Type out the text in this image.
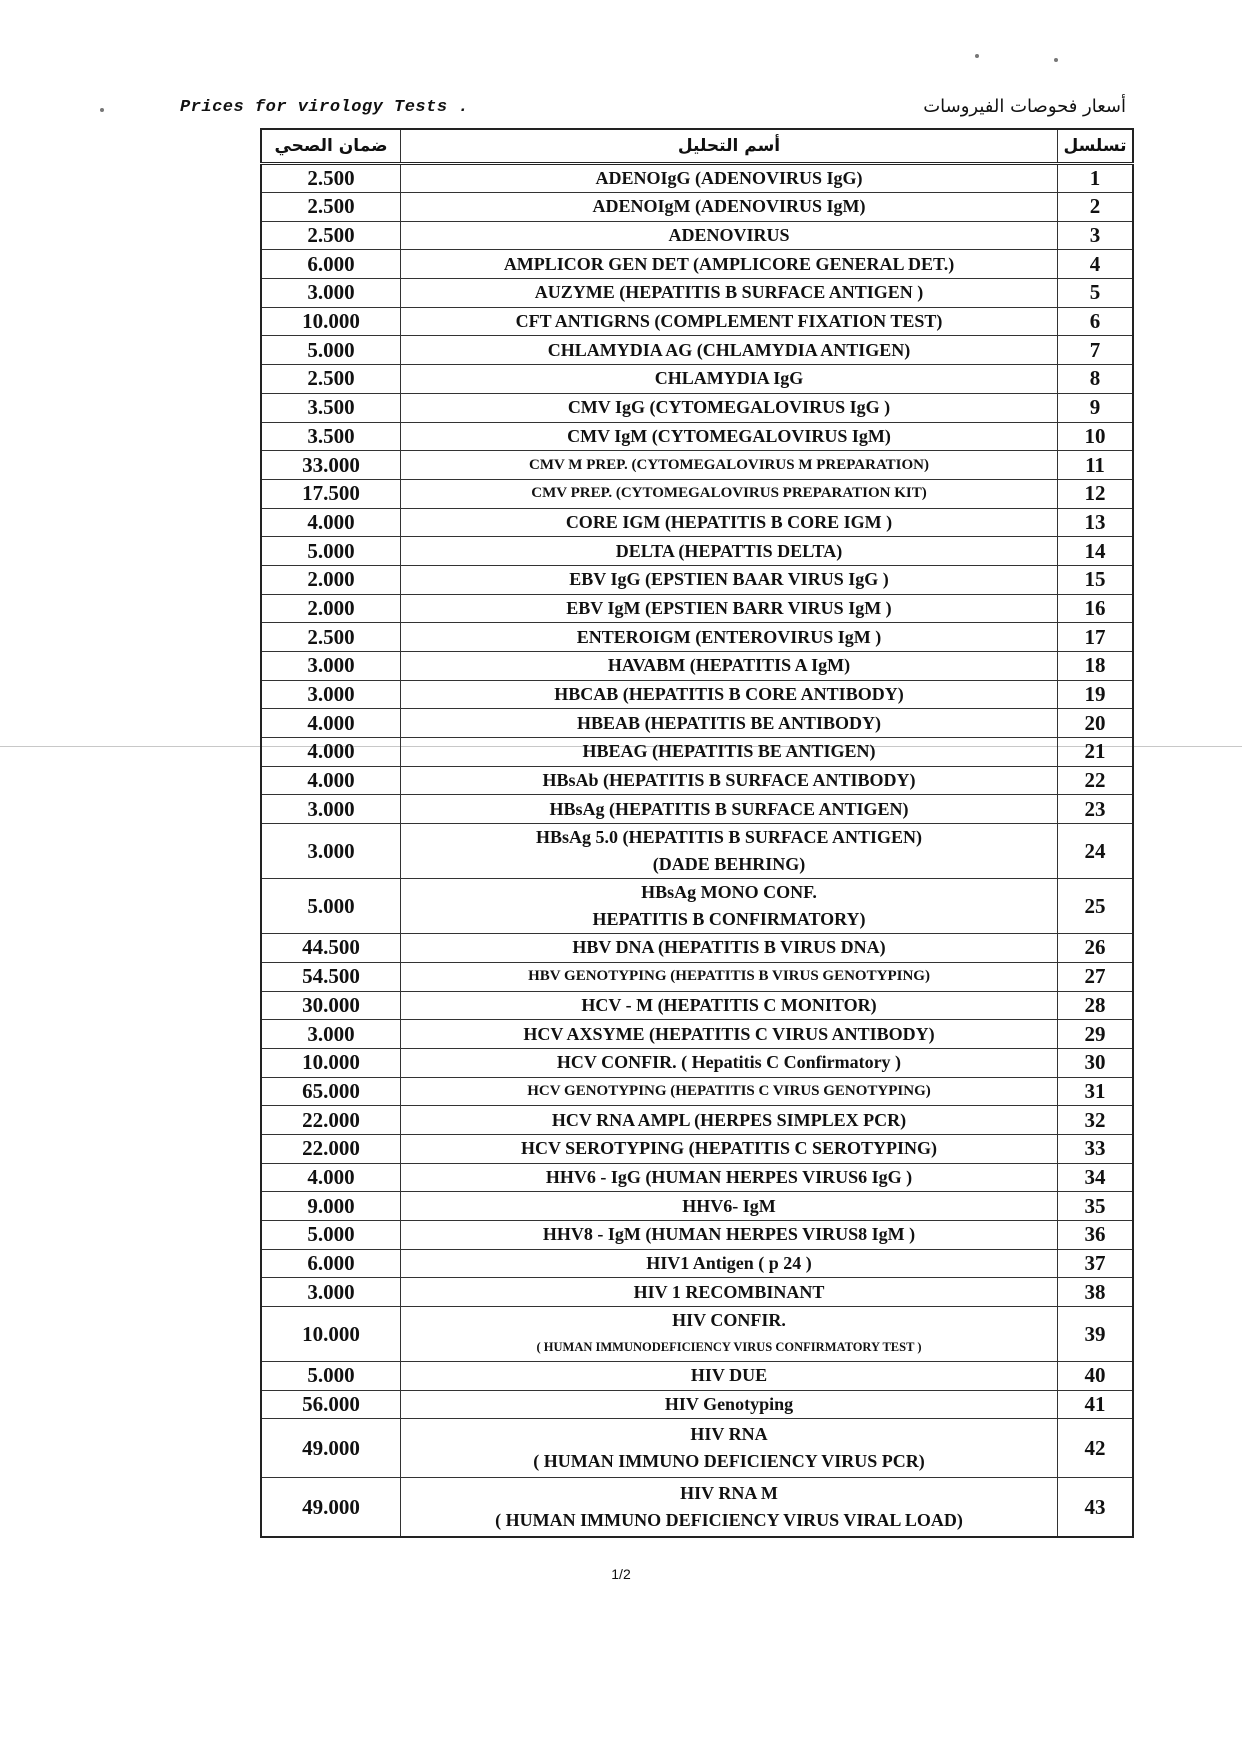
Prices for virology Tests .	أسعار فحوصات الفيروسات
ضمان الصحي	أسم التحليل	تسلسل
2.500	ADENOIgG (ADENOVIRUS IgG)	1
2.500	ADENOIgM (ADENOVIRUS IgM)	2
2.500	ADENOVIRUS	3
6.000	AMPLICOR GEN DET (AMPLICORE GENERAL DET.)	4
3.000	AUZYME (HEPATITIS B SURFACE ANTIGEN )	5
10.000	CFT ANTIGRNS (COMPLEMENT FIXATION TEST)	6
5.000	CHLAMYDIA AG (CHLAMYDIA ANTIGEN)	7
2.500	CHLAMYDIA IgG	8
3.500	CMV IgG (CYTOMEGALOVIRUS IgG )	9
3.500	CMV IgM (CYTOMEGALOVIRUS IgM)	10
33.000	CMV M PREP. (CYTOMEGALOVIRUS M PREPARATION)	11
17.500	CMV PREP. (CYTOMEGALOVIRUS PREPARATION KIT)	12
4.000	CORE IGM (HEPATITIS B CORE IGM )	13
5.000	DELTA (HEPATTIS DELTA)	14
2.000	EBV IgG (EPSTIEN BAAR VIRUS IgG )	15
2.000	EBV IgM (EPSTIEN BARR VIRUS IgM )	16
2.500	ENTEROIGM (ENTEROVIRUS IgM )	17
3.000	HAVABM (HEPATITIS A IgM)	18
3.000	HBCAB (HEPATITIS B CORE ANTIBODY)	19
4.000	HBEAB (HEPATITIS BE ANTIBODY)	20
4.000	HBEAG (HEPATITIS BE ANTIGEN)	21
4.000	HBsAb (HEPATITIS B SURFACE ANTIBODY)	22
3.000	HBsAg (HEPATITIS B SURFACE ANTIGEN)	23
3.000	HBsAg 5.0 (HEPATITIS B SURFACE ANTIGEN)
(DADE BEHRING)	24
5.000	HBsAg MONO CONF.
HEPATITIS B CONFIRMATORY)	25
44.500	HBV DNA (HEPATITIS B VIRUS DNA)	26
54.500	HBV GENOTYPING (HEPATITIS B VIRUS GENOTYPING)	27
30.000	HCV - M (HEPATITIS C MONITOR)	28
3.000	HCV AXSYME (HEPATITIS C VIRUS ANTIBODY)	29
10.000	HCV CONFIR. ( Hepatitis C Confirmatory )	30
65.000	HCV GENOTYPING (HEPATITIS C VIRUS GENOTYPING)	31
22.000	HCV RNA AMPL (HERPES SIMPLEX PCR)	32
22.000	HCV SEROTYPING (HEPATITIS C SEROTYPING)	33
4.000	HHV6 - IgG (HUMAN HERPES VIRUS6 IgG )	34
9.000	HHV6- IgM	35
5.000	HHV8 - IgM (HUMAN HERPES VIRUS8 IgM )	36
6.000	HIV1 Antigen ( p 24 )	37
3.000	HIV 1 RECOMBINANT	38
10.000	HIV CONFIR.
( HUMAN IMMUNODEFICIENCY VIRUS CONFIRMATORY TEST )	39
5.000	HIV DUE	40
56.000	HIV Genotyping	41
49.000	HIV RNA
( HUMAN IMMUNO DEFICIENCY VIRUS PCR)	42
49.000	HIV RNA M
( HUMAN IMMUNO DEFICIENCY VIRUS VIRAL LOAD)	43
1/2
